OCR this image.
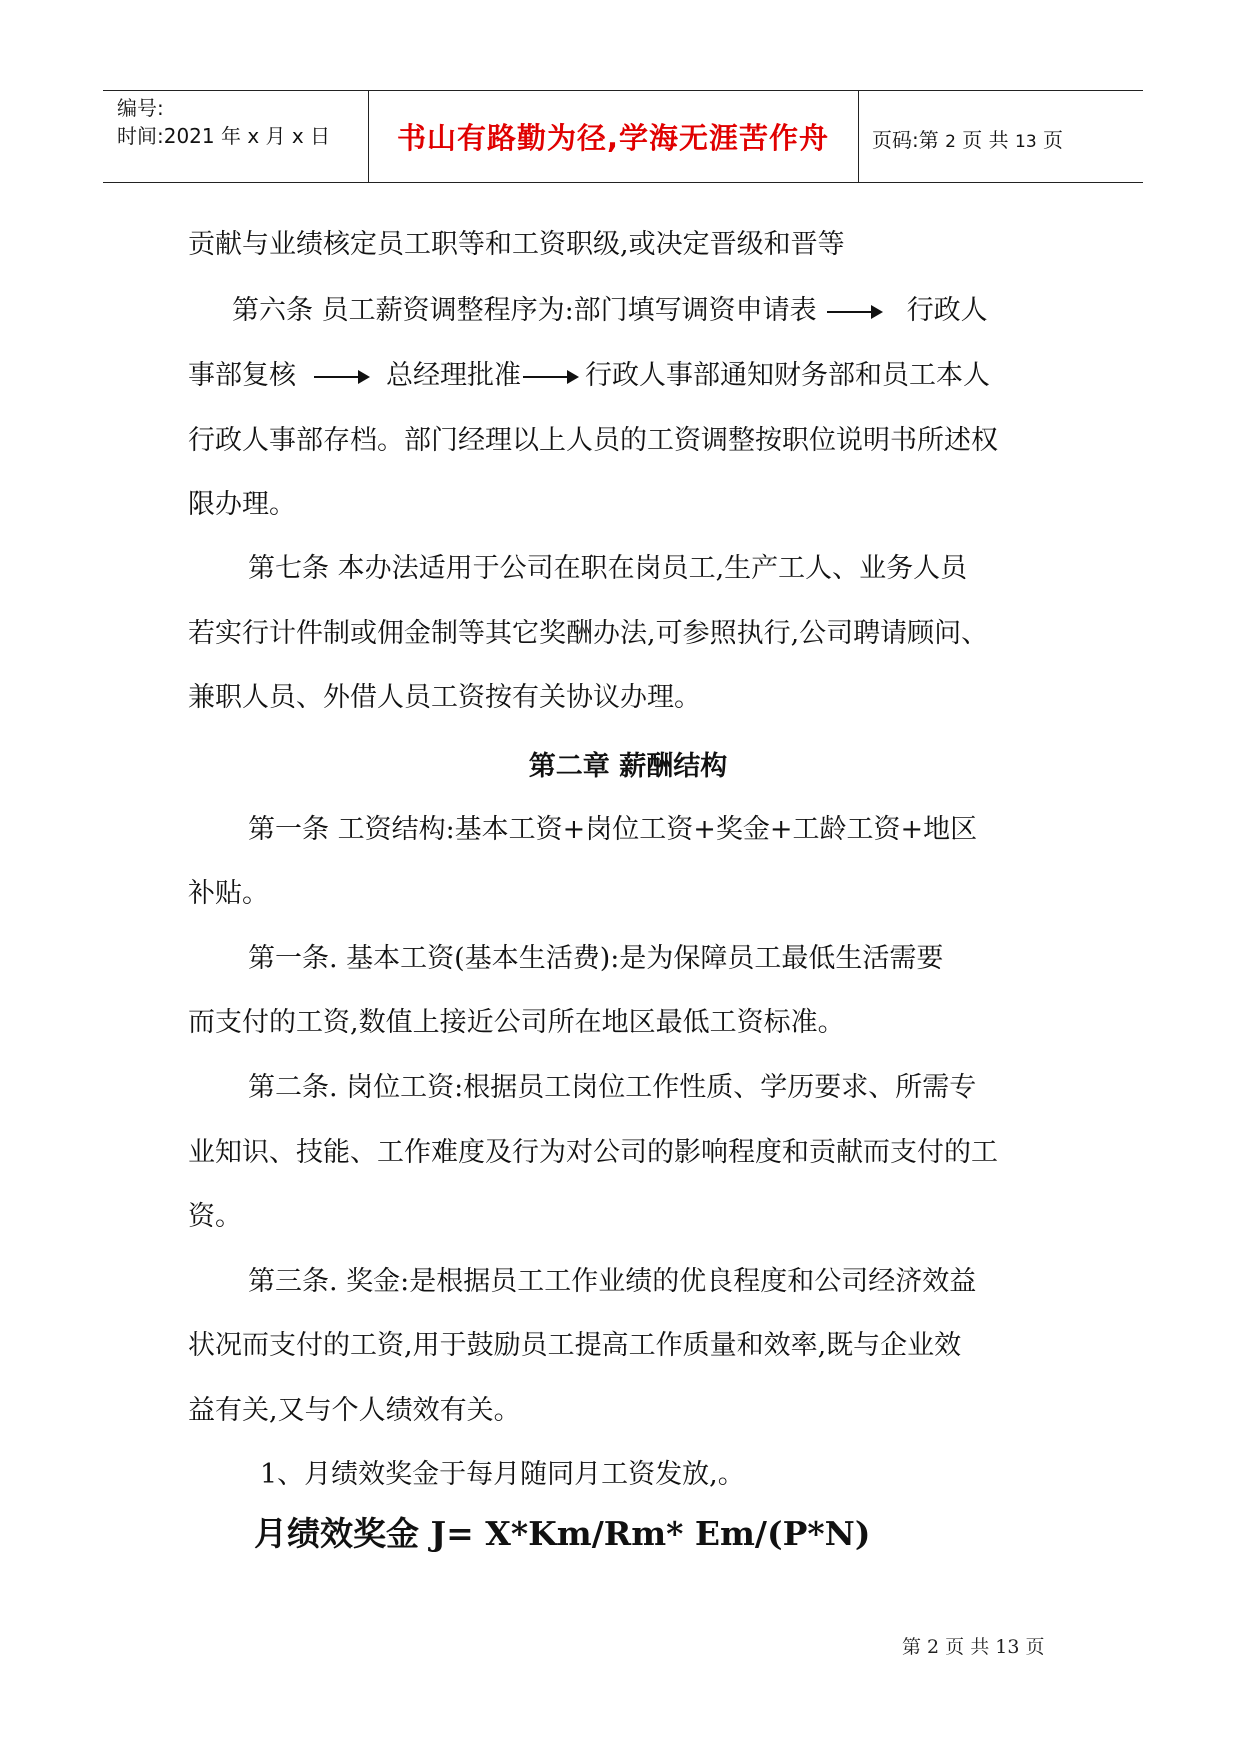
编号:
时间:2021 年 x 月 x 日	书山有路勤为径,学海无涯苦作舟	页码:第 2 页 共 13 页
贡献与业绩核定员工职等和工资职级,或决定晋级和晋等
第六条 员工薪资调整程序为:部门填写调资申请表	行政人
事部复核	总经理批准 行政人事部通知财务部和员工本人
行政人事部存档。部门经理以上人员的工资调整按职位说明书所述权
限办理。
第七条 本办法适用于公司在职在岗员工,生产工人、业务人员
若实行计件制或佣金制等其它奖酬办法,可参照执行,公司聘请顾问、
兼职人员、外借人员工资按有关协议办理。
第二章 薪酬结构
第一条 工资结构:基本工资+岗位工资+奖金+工龄工资+地区
补贴。
第一条. 基本工资(基本生活费):是为保障员工最低生活需要
而支付的工资,数值上接近公司所在地区最低工资标准。
第二条. 岗位工资:根据员工岗位工作性质、学历要求、所需专
业知识、技能、工作难度及行为对公司的影响程度和贡献而支付的工
资。
第三条. 奖金:是根据员工工作业绩的优良程度和公司经济效益
状况而支付的工资,用于鼓励员工提高工作质量和效率,既与企业效
益有关,又与个人绩效有关。
1、月绩效奖金于每月随同月工资发放,。
月绩效奖金 J= X*Km/Rm* Em/(P*N)
第 2 页 共 13 页
